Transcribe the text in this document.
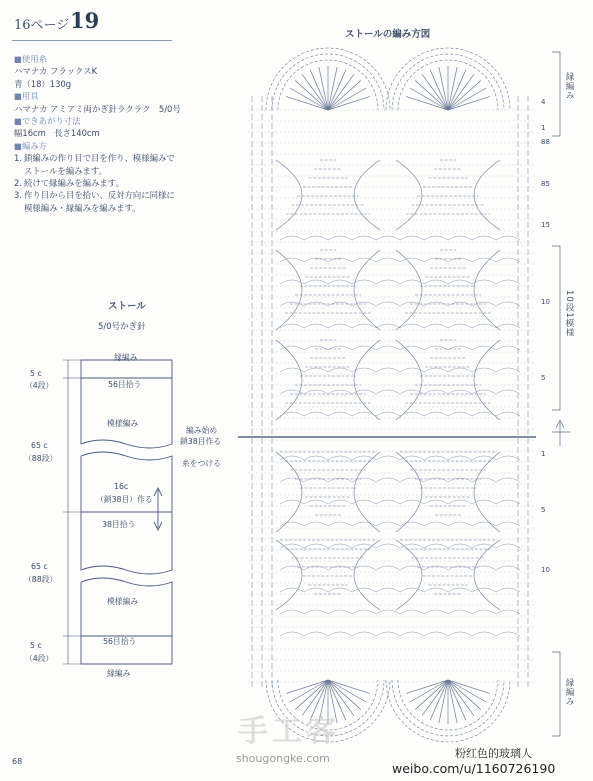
16ページ 19
■使用糸
ハマナカ フラックスK
青（18）130g
■用具
ハマナカ アミアミ両かぎ針ラクラク　5/0号
■できあがり寸法
幅16cm　長さ140cm
■編み方
1. 鎖編みの作り目で目を作り、模様編みで
ストールを編みます。
2. 続けて縁編みを編みます。
3. 作り目から目を拾い、反対方向に同様に
模様編み・縁編みを編みます。
ストール
5/0号かぎ針
縁編み
56目拾う
模様編み
16c
（鎖38目）作る
38目拾う
模様編み
56目拾う
縁編み
5 c
（4段）
65 c
（88段）
65 c
（88段）
5 c
（4段）
ストールの編み方図
編み始め
鎖38目作る
糸をつける
縁編み
10段1模様
縁編み
4
1
88
85
15
10
5
1
5
10
68
手工客
shougongke.com	粉红色的玻璃人
weibo.com/u/1160726190
